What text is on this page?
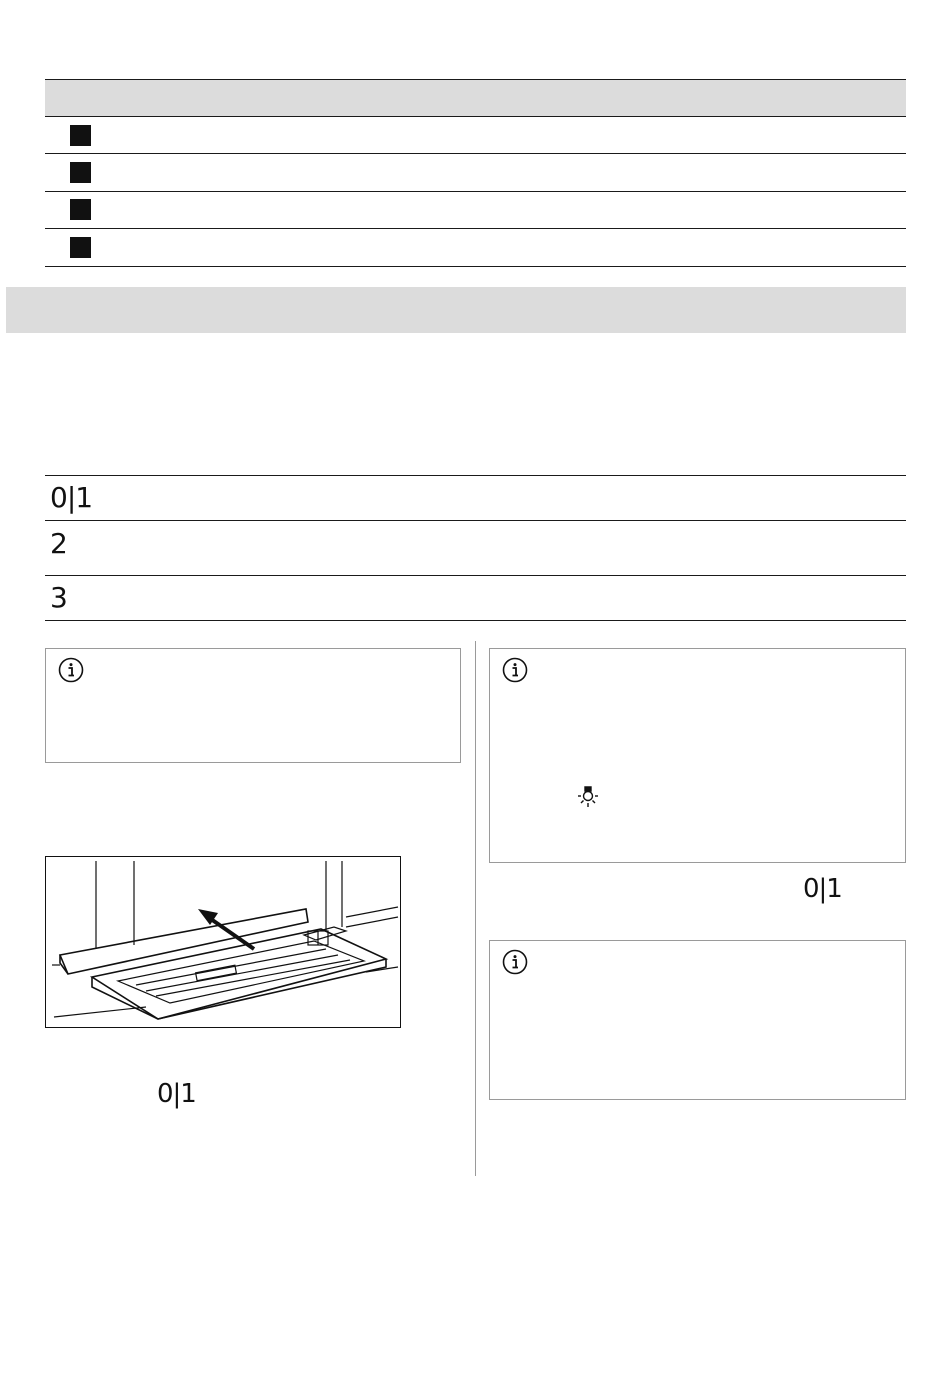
0|1
2
3
0|1
0|1
